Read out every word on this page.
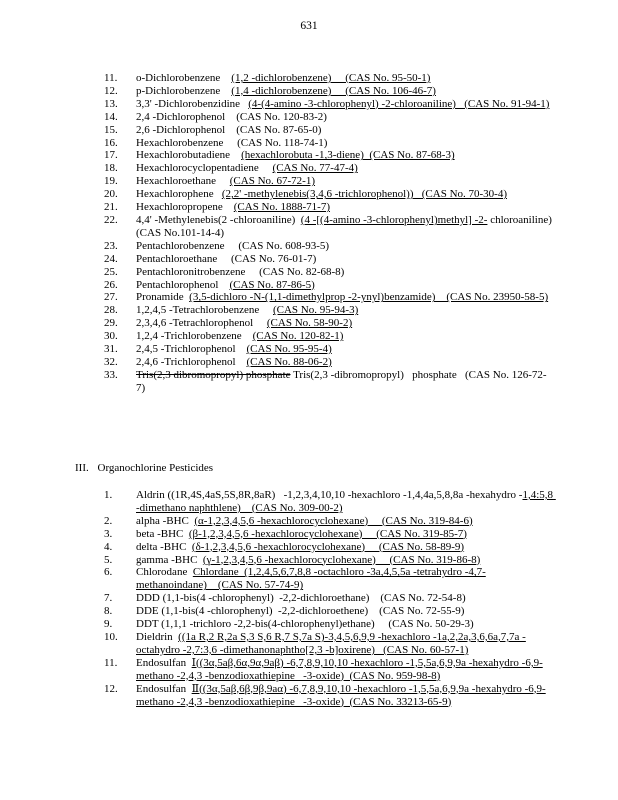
631
11. o-Dichlorobenzene    (1,2 -dichlorobenzene)     (CAS No. 95-50-1)
12. p-Dichlorobenzene    (1,4 -dichlorobenzene)     (CAS No. 106-46-7)
13. 3,3' -Dichlorobenzidine   (4-(4-amino -3-chlorophenyl) -2-chloroaniline)   (CAS No. 91-94-1)
14. 2,4 -Dichlorophenol    (CAS No. 120-83-2)
15. 2,6 -Dichlorophenol    (CAS No. 87-65-0)
16. Hexachlorobenzene     (CAS No. 118-74-1)
17. Hexachlorobutadiene    (hexachlorobuta -1,3-diene)  (CAS No. 87-68-3)
18. Hexachlorocyclopentadiene     (CAS No. 77-47-4)
19. Hexachloroethane     (CAS No. 67-72-1)
20. Hexachlorophene   (2,2' -methylenebis(3,4,6 -trichlorophenol))   (CAS No. 70-30-4)
21. Hexachloropropene    (CAS No. 1888-71-7)
22. 4,4' -Methylenebis(2 -chloroaniline)  (4 -[(4-amino -3-chlorophenyl)methyl] -2- chloroaniline)   (CAS No.101-14-4)
23. Pentachlorobenzene     (CAS No. 608-93-5)
24. Pentachloroethane     (CAS No. 76-01-7)
25. Pentachloronitrobenzene     (CAS No. 82-68-8)
26. Pentachlorophenol    (CAS No. 87-86-5)
27. Pronamide  (3,5-dichloro -N-(1,1-dimethylprop -2-ynyl)benzamide)    (CAS No. 23950-58-5)
28. 1,2,4,5 -Tetrachlorobenzene     (CAS No. 95-94-3)
29. 2,3,4,6 -Tetrachlorophenol     (CAS No. 58-90-2)
30. 1,2,4 -Trichlorobenzene    (CAS No. 120-82-1)
31. 2,4,5 -Trichlorophenol    (CAS No. 95-95-4)
32. 2,4,6 -Trichlorophenol    (CAS No. 88-06-2)
33. Tris(2,3 dibromopropyl) phosphate Tris(2,3 -dibromopropyl)   phosphate   (CAS No. 126-72-7)
III. Organochlorine Pesticides
1. Aldrin ((1R,4S,4aS,5S,8R,8aR)   -1,2,3,4,10,10 -hexachloro -1,4,4a,5,8,8a -hexahydro -1,4:5,8 -dimethano naphthlene)    (CAS No. 309-00-2)
2. alpha -BHC  (α-1,2,3,4,5,6 -hexachlorocyclohexane)     (CAS No. 319-84-6)
3. beta -BHC  (β-1,2,3,4,5,6 -hexachlorocyclohexane)     (CAS No. 319-85-7)
4. delta -BHC  (δ-1,2,3,4,5,6 -hexachlorocyclohexane)     (CAS No. 58-89-9)
5. gamma -BHC  (γ-1,2,3,4,5,6 -hexachlorocyclohexane)     (CAS No. 319-86-8)
6. Chlorodane  Chlordane  (1,2,4,5,6,7,8,8 -octachloro -3a,4,5,5a -tetrahydro -4,7-methanoindane)    (CAS No. 57-74-9)
7. DDD (1,1-bis(4 -chlorophenyl)  -2,2-dichloroethane)    (CAS No. 72-54-8)
8. DDE (1,1-bis(4 -chlorophenyl)  -2,2-dichloroethene)    (CAS No. 72-55-9)
9. DDT (1,1,1 -trichloro -2,2-bis(4-chlorophenyl)ethane)     (CAS No. 50-29-3)
10. Dieldrin  ((1a R,2 R,2a S,3 S,6 R,7 S,7a S)-3,4,5,6,9,9 -hexachloro -1a,2,2a,3,6,6a,7,7a -octahydro -2,7:3,6 -dimethanonaphtho[2,3 -b]oxirene)   (CAS No. 60-57-1)
11. Endosulfan  Ⅰ((3α,5aβ,6α,9α,9aβ) -6,7,8,9,10,10 -hexachloro -1,5,5a,6,9,9a -hexahydro -6,9-methano -2,4,3 -benzodioxathiepine   -3-oxide)  (CAS No. 959-98-8)
12. Endosulfan  Ⅱ((3α,5aβ,6β,9β,9aα) -6,7,8,9,10,10 -hexachloro -1,5,5a,6,9,9a -hexahydro -6,9-methano -2,4,3 -benzodioxathiepine   -3-oxide)  (CAS No. 33213-65-9)
